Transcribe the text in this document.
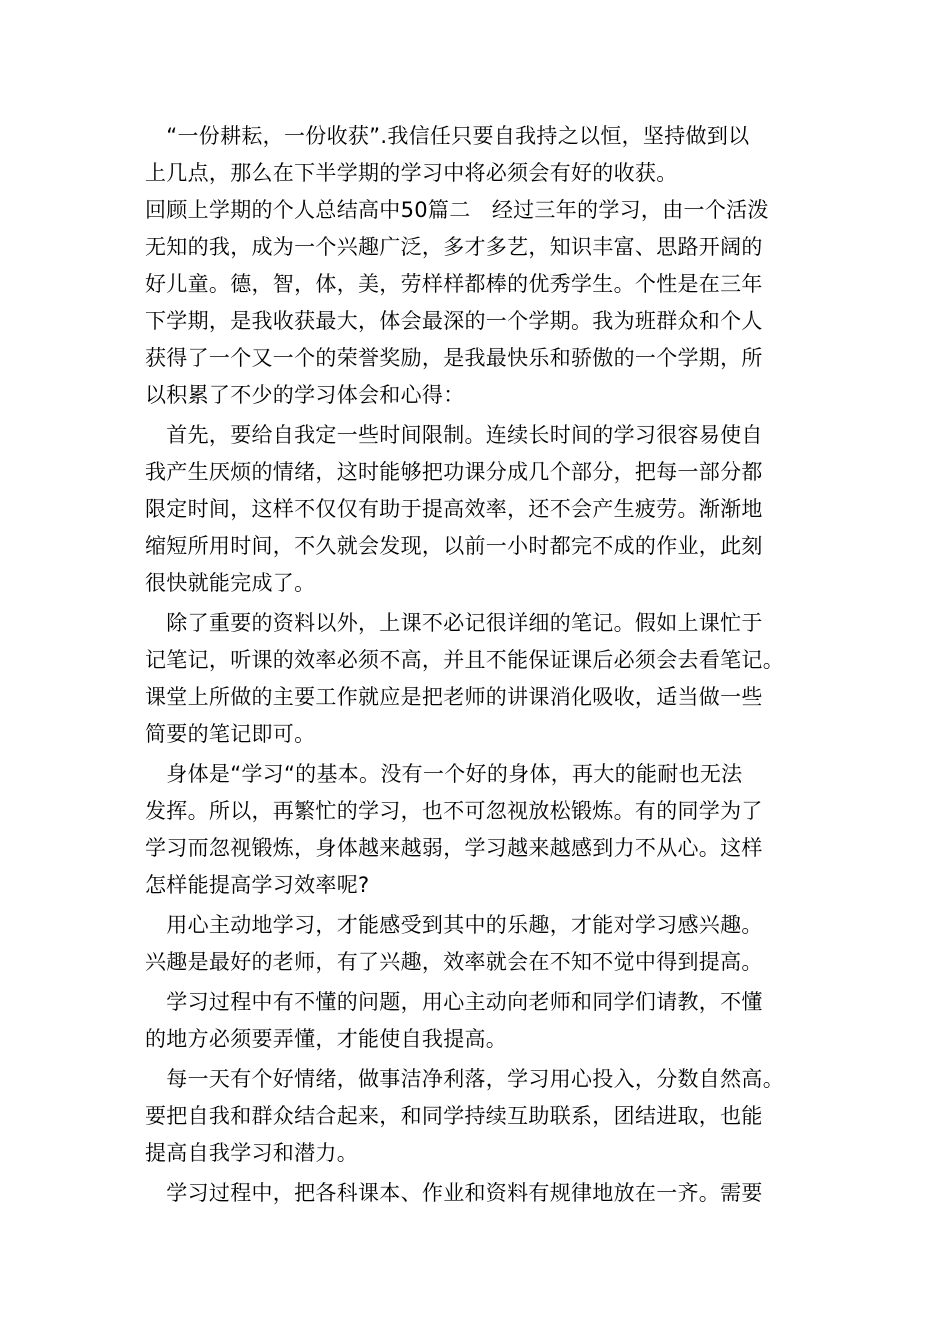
　“一份耕耘，一份收获”.我信任只要自我持之以恒，坚持做到以
上几点，那么在下半学期的学习中将必须会有好的收获。
回顾上学期的个人总结高中50篇二　经过三年的学习，由一个活泼
无知的我，成为一个兴趣广泛，多才多艺，知识丰富、思路开阔的
好儿童。德，智，体，美，劳样样都棒的优秀学生。个性是在三年
下学期，是我收获最大，体会最深的一个学期。我为班群众和个人
获得了一个又一个的荣誉奖励，是我最快乐和骄傲的一个学期，所
以积累了不少的学习体会和心得：
　首先，要给自我定一些时间限制。连续长时间的学习很容易使自
我产生厌烦的情绪，这时能够把功课分成几个部分，把每一部分都
限定时间，这样不仅仅有助于提高效率，还不会产生疲劳。渐渐地
缩短所用时间，不久就会发现，以前一小时都完不成的作业，此刻
很快就能完成了。
　除了重要的资料以外，上课不必记很详细的笔记。假如上课忙于
记笔记，听课的效率必须不高，并且不能保证课后必须会去看笔记。
课堂上所做的主要工作就应是把老师的讲课消化吸收，适当做一些
简要的笔记即可。
　身体是“学习“的基本。没有一个好的身体，再大的能耐也无法
发挥。所以，再繁忙的学习，也不可忽视放松锻炼。有的同学为了
学习而忽视锻炼，身体越来越弱，学习越来越感到力不从心。这样
怎样能提高学习效率呢?
　用心主动地学习，才能感受到其中的乐趣，才能对学习感兴趣。
兴趣是最好的老师，有了兴趣，效率就会在不知不觉中得到提高。
　学习过程中有不懂的问题，用心主动向老师和同学们请教，不懂
的地方必须要弄懂，才能使自我提高。
　每一天有个好情绪，做事洁净利落，学习用心投入，分数自然高。
要把自我和群众结合起来，和同学持续互助联系，团结进取，也能
提高自我学习和潜力。
　学习过程中，把各科课本、作业和资料有规律地放在一齐。需要
